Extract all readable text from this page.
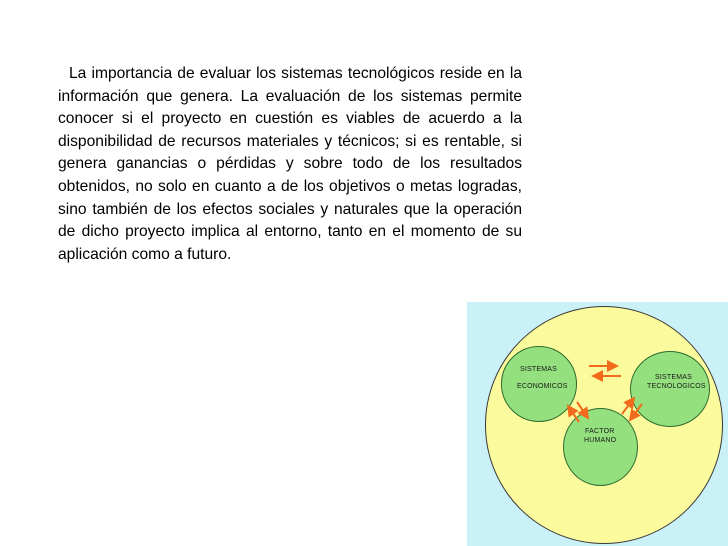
La importancia de evaluar los sistemas tecnológicos reside en la información que genera. La evaluación de los sistemas permite conocer si el proyecto en cuestión es viables de acuerdo a la disponibilidad de recursos materiales y técnicos; si es rentable, si genera ganancias o pérdidas y sobre todo de los resultados obtenidos, no solo en cuanto a de los objetivos o metas logradas, sino también de los efectos sociales y naturales que la operación de dicho proyecto implica al entorno, tanto en el momento de su aplicación como a futuro.

SISTEMAS
ECONOMICOS
SISTEMAS
TECNOLOGICOS
FACTOR
HUMANO
